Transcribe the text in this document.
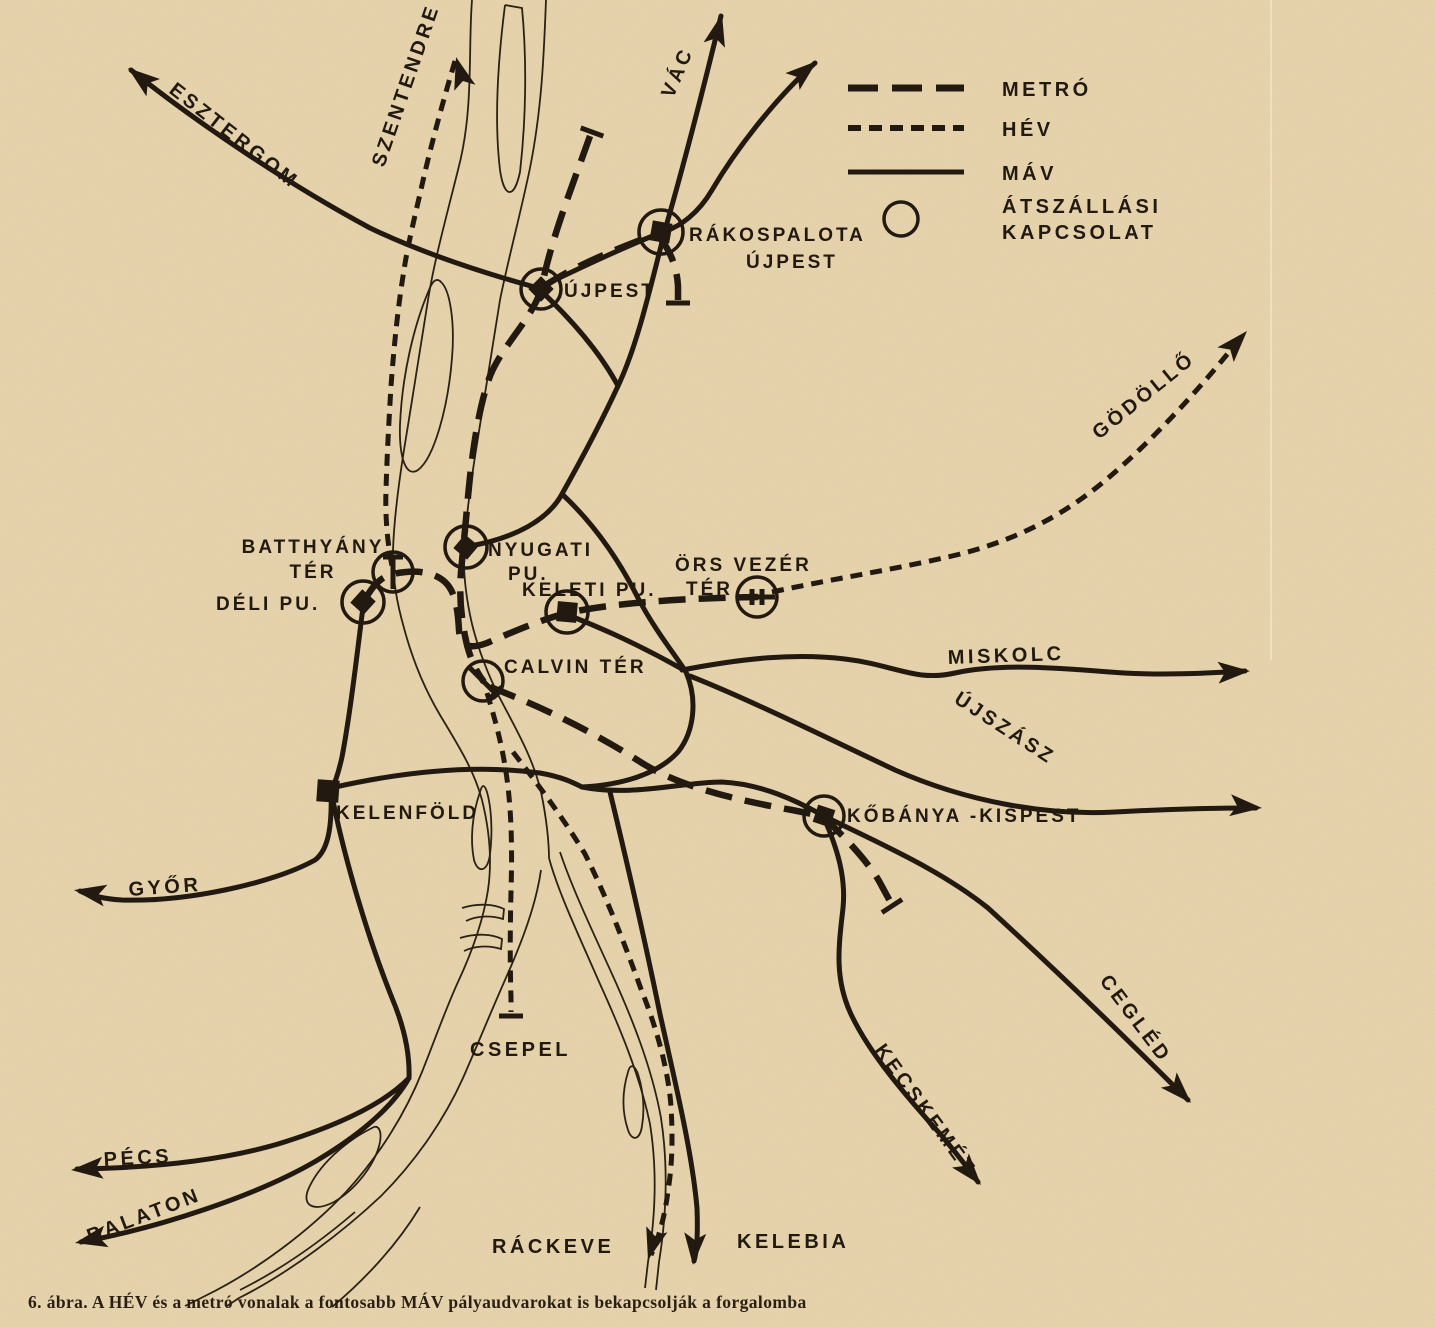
ESZTERGOM	SZENTENDRE	VÁC
GÖDÖLLŐ
MISKOLC
ÚJSZÁSZ
CEGLÉD
KECSKEMÉT
GYŐR
PÉCS
BALATON
CSEPEL
RÁCKEVE	KELEBIA
RÁKOSPALOTA
ÚJPEST
ÚJPEST
BATTHYÁNY
TÉR
NYUGATI
PU.
DÉLI PU.
KELETI PU.
ÖRS VEZÉR
TÉR
CALVIN TÉR
KŐBÁNYA -KISPEST
KELENFÖLD
METRÓ
HÉV
MÁV
ÁTSZÁLLÁSI
KAPCSOLAT
6. ábra. A HÉV és a metró vonalak a fontosabb MÁV pályaudvarokat is bekapcsolják a forgalomba
